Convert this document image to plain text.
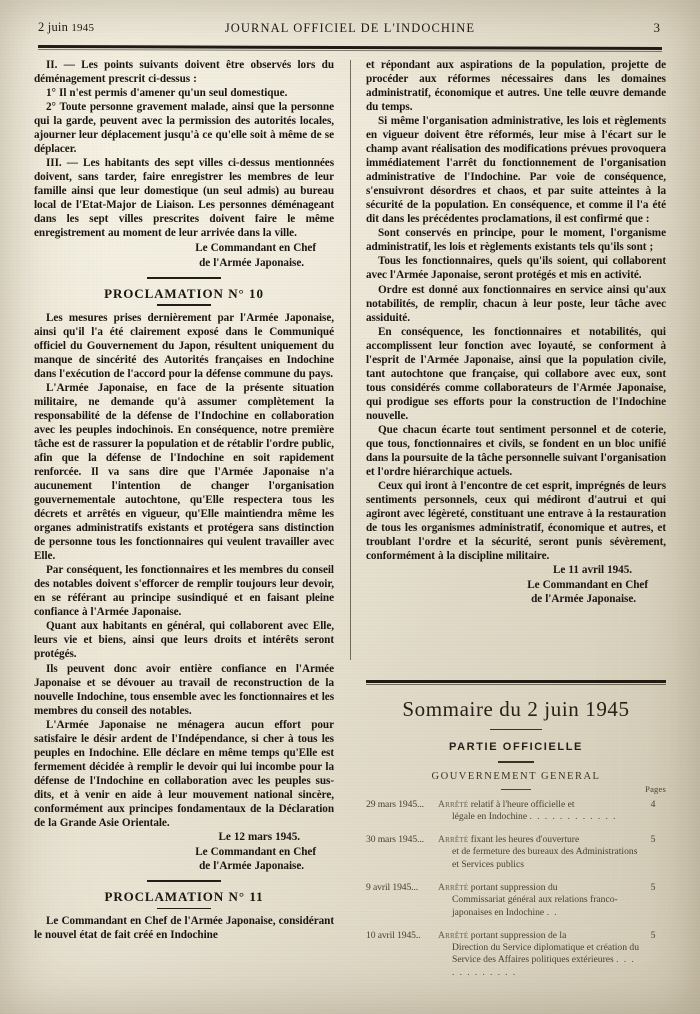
2 juin 1945	JOURNAL OFFICIEL DE L'INDOCHINE	3

II. — Les points suivants doivent être observés lors du déménagement prescrit ci-dessus :

1° Il n'est permis d'amener qu'un seul domestique.

2° Toute personne gravement malade, ainsi que la personne qui la garde, peuvent avec la permission des autorités locales, ajourner leur déplacement jusqu'à ce qu'elle soit à même de se déplacer.

III. — Les habitants des sept villes ci-dessus mentionnées doivent, sans tarder, faire enregistrer les membres de leur famille ainsi que leur domestique (un seul admis) au bureau local de l'Etat-Major de Liaison. Les personnes déménageant dans les sept villes prescrites doivent faire le même enregistrement au moment de leur arrivée dans la ville.

Le Commandant en Chef
de l'Armée Japonaise.
PROCLAMATION N° 10

Les mesures prises dernièrement par l'Armée Japonaise, ainsi qu'il l'a été clairement exposé dans le Communiqué officiel du Gouvernement du Japon, résultent uniquement du manque de sincérité des Autorités françaises en Indochine dans l'exécution de l'accord pour la défense commune du pays.

L'Armée Japonaise, en face de la présente situation militaire, ne demande qu'à assumer complètement la responsabilité de la défense de l'Indochine en collaboration avec les peuples indochinois. En conséquence, notre première tâche est de rassurer la population et de rétablir l'ordre public, afin que la défense de l'Indochine en soit rapidement renforcée. Il va sans dire que l'Armée Japonaise n'a aucunement l'intention de changer l'organisation gouvernementale autochtone, qu'Elle respectera tous les décrets et arrêtés en vigueur, qu'Elle maintiendra même les organes administratifs existants et protégera sans distinction de personne tous les fonctionnaires qui veulent travailler avec Elle.

Par conséquent, les fonctionnaires et les membres du conseil des notables doivent s'efforcer de remplir toujours leur devoir, en se référant au principe susindiqué et en faisant pleine confiance à l'Armée Japonaise.

Quant aux habitants en général, qui collaborent avec Elle, leurs vie et biens, ainsi que leurs droits et intérêts seront protégés.

Ils peuvent donc avoir entière confiance en l'Armée Japonaise et se dévouer au travail de reconstruction de la nouvelle Indochine, tous ensemble avec les fonctionnaires et les membres du conseil des notables.

L'Armée Japonaise ne ménagera aucun effort pour satisfaire le désir ardent de l'Indépendance, si cher à tous les peuples en Indochine. Elle déclare en même temps qu'Elle est fermement décidée à remplir le devoir qui lui incombe pour la défense de l'Indochine en collaboration avec les peuples sus-dits, et à venir en aide à leur mouvement national sincère, conformément aux principes fondamentaux de la Déclaration de la Grande Asie Orientale.

Le 12 mars 1945.
Le Commandant en Chef
de l'Armée Japonaise.
PROCLAMATION N° 11

Le Commandant en Chef de l'Armée Japonaise, considérant le nouvel état de fait créé en Indochine

et répondant aux aspirations de la population, projette de procéder aux réformes nécessaires dans les domaines administratif, économique et autres. Une telle œuvre demande du temps.

Si même l'organisation administrative, les lois et règlements en vigueur doivent être réformés, leur mise à l'écart sur le champ avant réalisation des modifications prévues provoquera immédiatement l'arrêt du fonctionnement de l'organisation administrative de l'Indochine. Par voie de conséquence, s'ensuivront désordres et chaos, et par suite atteintes à la sécurité de la population. En conséquence, et comme il l'a été dit dans les précédentes proclamations, il est confirmé que :

Sont conservés en principe, pour le moment, l'organisme administratif, les lois et règlements existants tels qu'ils sont ;

Tous les fonctionnaires, quels qu'ils soient, qui collaborent avec l'Armée Japonaise, seront protégés et mis en activité.

Ordre est donné aux fonctionnaires en service ainsi qu'aux notabilités, de remplir, chacun à leur poste, leur tâche avec assiduité.

En conséquence, les fonctionnaires et notabilités, qui accomplissent leur fonction avec loyauté, se conforment à l'esprit de l'Armée Japonaise, ainsi que la population civile, tant autochtone que française, qui collabore avec eux, sont tous considérés comme collaborateurs de l'Armée Japonaise, qui prodigue ses efforts pour la construction de l'Indochine nouvelle.

Que chacun écarte tout sentiment personnel et de coterie, que tous, fonctionnaires et civils, se fondent en un bloc unifié dans la poursuite de la tâche personnelle suivant l'organisation et l'ordre hiérarchique actuels.

Ceux qui iront à l'encontre de cet esprit, imprégnés de leurs sentiments personnels, ceux qui médiront d'autrui et qui agiront avec légèreté, constituant une entrave à la restauration de tous les organismes administratif, économique et autres, et troublant l'ordre et la sécurité, seront punis sévèrement, conformément à la discipline militaire.

Le 11 avril 1945.
Le Commandant en Chef
de l'Armée Japonaise.
Sommaire du 2 juin 1945
PARTIE OFFICIELLE
GOUVERNEMENT GENERAL
Pages
29 mars 1945...	Arrêté relatif à l'heure officielle et
légale en Indochine . . . . . . . . . . . .	4
30 mars 1945...	Arrêté fixant les heures d'ouverture
et de fermeture des bureaux des Administrations et Services publics	5
9 avril 1945...	Arrêté portant suppression du
Commissariat général aux relations franco-japonaises en Indochine . .	5
10 avril 1945..	Arrêté portant suppression de la
Direction du Service diplomatique et création du Service des Affaires politiques extérieures . . . . . . . . . . . .	5
